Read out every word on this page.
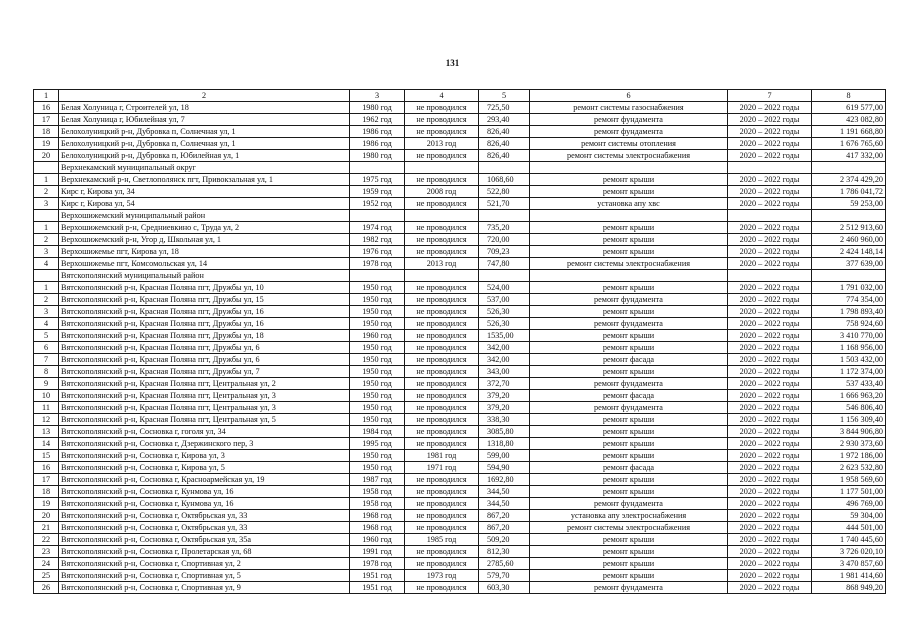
131
1	2	3	4	5	6	7	8
16	Белая Холуница г, Строителей ул, 18	1980 год	не проводился	725,50	ремонт системы газоснабжения	2020 – 2022 годы	619 577,00
17	Белая Холуница г, Юбилейная ул, 7	1962 год	не проводился	293,40	ремонт фундамента	2020 – 2022 годы	423 082,80
18	Белохолуницкий р-н, Дубровка п, Солнечная ул, 1	1986 год	не проводился	826,40	ремонт фундамента	2020 – 2022 годы	1 191 668,80
19	Белохолуницкий р-н, Дубровка п, Солнечная ул, 1	1986 год	2013 год	826,40	ремонт системы отопления	2020 – 2022 годы	1 676 765,60
20	Белохолуницкий р-н, Дубровка п, Юбилейная ул, 1	1980 год	не проводился	826,40	ремонт системы электроснабжения	2020 – 2022 годы	417 332,00
	Верхнекамский муниципальный округ						
1	Верхнекамский р-н, Светлополянск пгт, Привокзальная ул, 1	1975 год	не проводился	1068,60	ремонт крыши	2020 – 2022 годы	2 374 429,20
2	Кирс г, Кирова ул, 34	1959 год	2008 год	522,80	ремонт крыши	2020 – 2022 годы	1 786 041,72
3	Кирс г, Кирова ул, 54	1952 год	не проводился	521,70	установка апу хвс	2020 – 2022 годы	59 253,00
	Верхошижемский муниципальный район						
1	Верхошижемский р-н, Средниевкино с, Труда ул, 2	1974 год	не проводился	735,20	ремонт крыши	2020 – 2022 годы	2 512 913,60
2	Верхошижемский р-н, Угор д, Школьная ул, 1	1982 год	не проводился	720,00	ремонт крыши	2020 – 2022 годы	2 460 960,00
3	Верхошижемье пгт, Кирова ул, 18	1976 год	не проводился	709,23	ремонт крыши	2020 – 2022 годы	2 424 148,14
4	Верхошижемье пгт, Комсомольская ул, 14	1978 год	2013 год	747,80	ремонт системы электроснабжения	2020 – 2022 годы	377 639,00
	Вятскополянский муниципальный район						
1	Вятскополянский р-н, Красная Поляна пгт, Дружбы ул, 10	1950 год	не проводился	524,00	ремонт крыши	2020 – 2022 годы	1 791 032,00
2	Вятскополянский р-н, Красная Поляна пгт, Дружбы ул, 15	1950 год	не проводился	537,00	ремонт фундамента	2020 – 2022 годы	774 354,00
3	Вятскополянский р-н, Красная Поляна пгт, Дружбы ул, 16	1950 год	не проводился	526,30	ремонт крыши	2020 – 2022 годы	1 798 893,40
4	Вятскополянский р-н, Красная Поляна пгт, Дружбы ул, 16	1950 год	не проводился	526,30	ремонт фундамента	2020 – 2022 годы	758 924,60
5	Вятскополянский р-н, Красная Поляна пгт, Дружбы ул, 18	1960 год	не проводился	1535,00	ремонт крыши	2020 – 2022 годы	3 410 770,00
6	Вятскополянский р-н, Красная Поляна пгт, Дружбы ул, 6	1950 год	не проводился	342,00	ремонт крыши	2020 – 2022 годы	1 168 956,00
7	Вятскополянский р-н, Красная Поляна пгт, Дружбы ул, 6	1950 год	не проводился	342,00	ремонт фасада	2020 – 2022 годы	1 503 432,00
8	Вятскополянский р-н, Красная Поляна пгт, Дружбы ул, 7	1950 год	не проводился	343,00	ремонт крыши	2020 – 2022 годы	1 172 374,00
9	Вятскополянский р-н, Красная Поляна пгт, Центральная ул, 2	1950 год	не проводился	372,70	ремонт фундамента	2020 – 2022 годы	537 433,40
10	Вятскополянский р-н, Красная Поляна пгт, Центральная ул, 3	1950 год	не проводился	379,20	ремонт фасада	2020 – 2022 годы	1 666 963,20
11	Вятскополянский р-н, Красная Поляна пгт, Центральная ул, 3	1950 год	не проводился	379,20	ремонт фундамента	2020 – 2022 годы	546 806,40
12	Вятскополянский р-н, Красная Поляна пгт, Центральная ул, 5	1950 год	не проводился	338,30	ремонт крыши	2020 – 2022 годы	1 156 309,40
13	Вятскополянский р-н, Сосновка г, гоголя ул, 34	1984 год	не проводился	3085,80	ремонт крыши	2020 – 2022 годы	3 844 906,80
14	Вятскополянский р-н, Сосновка г, Дзержинского пер, 3	1995 год	не проводился	1318,80	ремонт крыши	2020 – 2022 годы	2 930 373,60
15	Вятскополянский р-н, Сосновка г, Кирова ул, 3	1950 год	1981 год	599,00	ремонт крыши	2020 – 2022 годы	1 972 186,00
16	Вятскополянский р-н, Сосновка г, Кирова ул, 5	1950 год	1971 год	594,90	ремонт фасада	2020 – 2022 годы	2 623 532,80
17	Вятскополянский р-н, Сосновка г, Красноармейская ул, 19	1987 год	не проводился	1692,80	ремонт крыши	2020 – 2022 годы	1 958 569,60
18	Вятскополянский р-н, Сосновка г, Кунмова ул, 16	1958 год	не проводился	344,50	ремонт крыши	2020 – 2022 годы	1 177 501,00
19	Вятскополянский р-н, Сосновка г, Кунмова ул, 16	1958 год	не проводился	344,50	ремонт фундамента	2020 – 2022 годы	496 769,00
20	Вятскополянский р-н, Сосновка г, Октябрьская ул, 33	1968 год	не проводился	867,20	установка апу электроснабжения	2020 – 2022 годы	59 304,00
21	Вятскополянский р-н, Сосновка г, Октябрьская ул, 33	1968 год	не проводился	867,20	ремонт системы электроснабжения	2020 – 2022 годы	444 501,00
22	Вятскополянский р-н, Сосновка г, Октябрьская ул, 35а	1960 год	1985 год	509,20	ремонт крыши	2020 – 2022 годы	1 740 445,60
23	Вятскополянский р-н, Сосновка г, Пролетарская ул, 68	1991 год	не проводился	812,30	ремонт крыши	2020 – 2022 годы	3 726 020,10
24	Вятскополянский р-н, Сосновка г, Спортивная ул, 2	1978 год	не проводился	2785,60	ремонт крыши	2020 – 2022 годы	3 470 857,60
25	Вятскополянский р-н, Сосновка г, Спортивная ул, 5	1951 год	1973 год	579,70	ремонт крыши	2020 – 2022 годы	1 981 414,60
26	Вятскополянский р-н, Сосновка г, Спортивная ул, 9	1951 год	не проводился	603,30	ремонт фундамента	2020 – 2022 годы	868 949,20
